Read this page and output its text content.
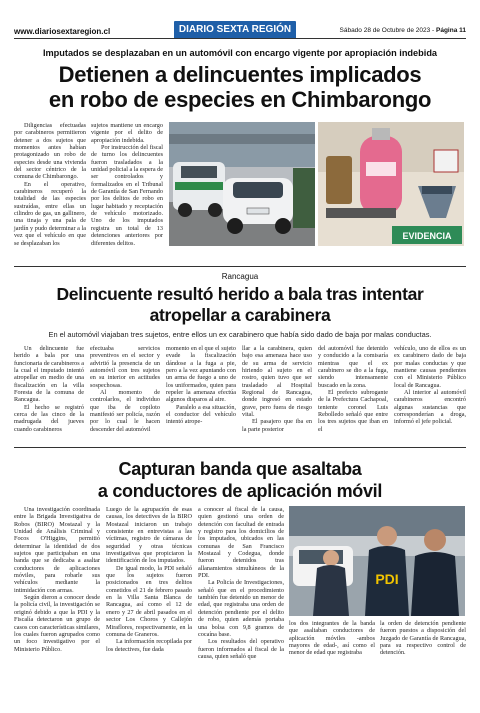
www.diariosextaregion.cl	DIARIO SEXTA REGIÓN	Sábado 28 de Octubre de 2023 - Página 11
Imputados se desplazaban en un automóvil con encargo vigente por apropiación indebida
Detienen a delincuentes implicados
en robo de especies en Chimbarongo

Diligencias efectuadas por carabineros permitieron detener a dos sujetos que momentos antes habían protagonizado un robo de especies desde una vivienda del sector céntrico de la comuna de Chimbarongo.

En el operativo, carabineros recuperó la totalidad de las especies sustraídas, entre ellas un cilindro de gas, un gallinero, una tinaja y una pala de jardín y pudo determinar a la vez que el vehículo en que se desplazaban los

sujetos mantiene un encargo vigente por el delito de apropiación indebida.

Por instrucción del fiscal de turno los delincuentes fueron trasladados a la unidad policial a la espera de ser controlados y formalizados en el Tribunal de Garantía de San Fernando por los delitos de robo en lugar habitado y receptación de vehículo motorizado. Uno de los imputados registra un total de 13 detenciones anteriores por diferentes delitos.

EVIDENCIA
Rancagua
Delincuente resultó herido a bala tras intentar
atropellar a carabinera
En el automóvil viajaban tres sujetos, entre ellos un ex carabinero que había sido dado de baja por malas conductas.

Un delincuente fue herido a bala por una funcionaria de carabineros a la cual el imputado intentó atropellar en medio de una fiscalización en la villa Foresta de la comuna de Rancagua.

El hecho se registró cerca de las cinco de la madrugada del jueves cuando carabineros

efectuaba servicios preventivos en el sector y advirtió la presencia de un automóvil con tres sujetos en su interior en actitudes sospechosas.

Al momento de controlarlos, el individuo que iba de copiloto manifestó ser policía, razón por lo cual le hacen descender del automóvil

momento en el que el sujeto evade la fiscalización dándose a la fuga a pie, pero a la vez apuntando con un arma de fuego a uno de los uniformados, quien para repeler la amenaza efectúa algunos disparos al aire.

Paralelo a esa situación, el conductor del vehículo intentó atrope-

llar a la carabinera, quien bajo esa amenaza hace uso de su arma de servicio hiriendo al sujeto en el rostro, quien tuvo que ser trasladado al Hospital Regional de Rancagua, donde ingresó en estado grave, pero fuera de riesgo vital.

El pasajero que iba en la parte posterior

del automóvil fue detenido y conducido a la comisaría mientras que el ex carabinero se dio a la fuga, siendo intensamente buscado en la zona.

El prefecto subrogante de la Prefectura Cachapoal, teniente coronel Luis Rebolledo señaló que entre los tres sujetos que iban en el

vehículo, uno de ellos es un ex carabinero dado de baja por malas conductas y que mantiene causas pendientes con el Ministerio Público local de Rancagua.

Al interior al automóvil carabineros encontró algunas sustancias que corresponderían a droga, informó el jefe policial.

Capturan banda que asaltaba
a conductores de aplicación móvil

Una investigación coordinada entre la Brigada Investigativa de Robos (BIRO) Mostazal y la Unidad de Análisis Criminal y Focos O'Higgins, permitió determinar la identidad de dos sujetos que participaban en una banda que se dedicaba a asaltar conductores de aplicaciones móviles, para robarle sus vehículos mediante la intimidación con armas.

Según dieron a conocer desde la policía civil, la investigación se originó debido a que la PDI y la Fiscalía detectaron un grupo de casos con características similares, los cuales fueron agrupados como un foco investigativo por el Ministerio Público.

Luego de la agrupación de esas causas, los detectives de la BIRO Mostazal iniciaron un trabajo consistente en entrevistas a las víctimas, registro de cámaras de seguridad y otras técnicas investigativas que propiciaron la identificación de los imputados.

De igual modo, la PDI señaló que los sujetos fueron posicionados en tres delitos cometidos el 21 de febrero pasado en la Villa Santa Blanca de Rancagua, así como el 12 de enero y 27 de abril pasados en el sector Los Choros y Callejón Miraflores, respectivamente, en la comuna de Graneros.

La información recopilada por los detectives, fue dada

a conocer al fiscal de la causa, quien gestionó una orden de detención con facultad de entrada y registro para los domicilios de los imputados, ubicados en las comunas de San Francisco Mostazal y Codegua, donde fueron detenidos tras allanamientos simultáneos de la PDI.

La Policía de Investigaciones, señaló que en el procedimiento también fue detenido un menor de edad, que registraba una orden de detención pendiente por el delito de robo, quien además portaba una bolsa con 9,8 gramos de cocaína base.

Los resultados del operativo fueron informados al fiscal de la causa, quien señaló que

PDI

los dos integrantes de la banda que asaltaban conductores de aplicación móviles -ambos mayores de edad-, así como el menor de edad que registraba

la orden de detención pendiente fueron puestos a disposición del Juzgado de Garantía de Rancagua, para su respectivo control de detención.
